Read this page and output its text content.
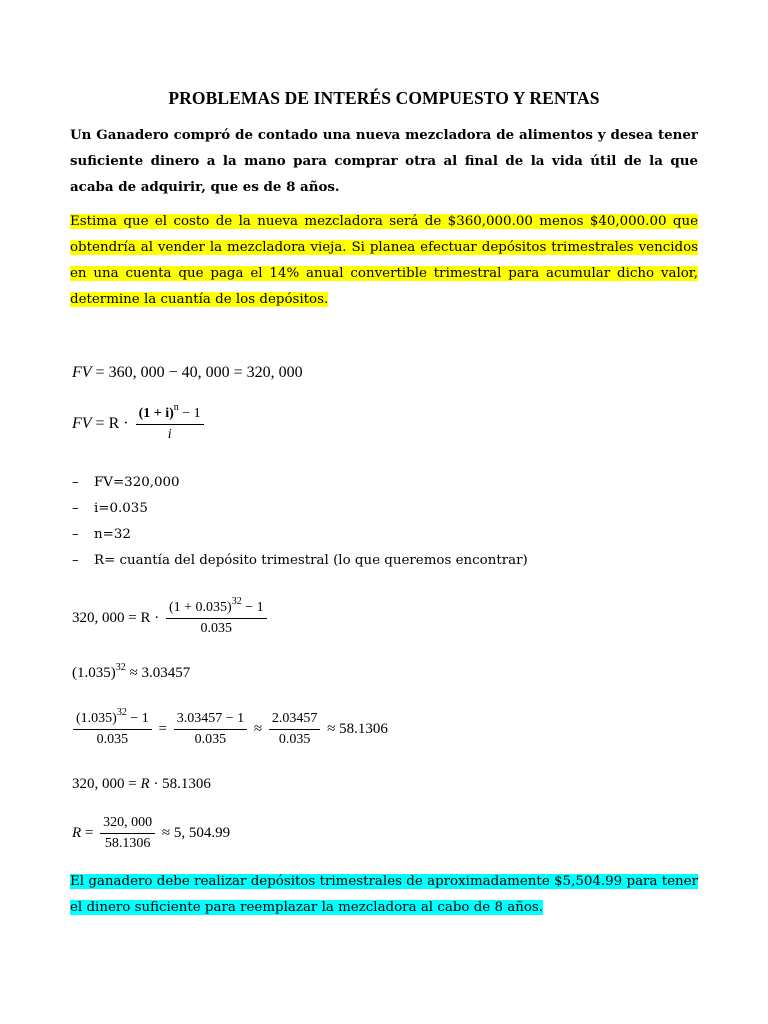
PROBLEMAS DE INTERÉS COMPUESTO Y RENTAS
Un Ganadero compró de contado una nueva mezcladora de alimentos y desea tener suficiente dinero a la mano para comprar otra al final de la vida útil de la que acaba de adquirir, que es de 8 años.
Estima que el costo de la nueva mezcladora será de $360,000.00 menos $40,000.00 que obtendría al vender la mezcladora vieja. Si planea efectuar depósitos trimestrales vencidos en una cuenta que paga el 14% anual convertible trimestral para acumular dicho valor, determine la cuantía de los depósitos.
FV = 360, 000 − 40, 000 = 320, 000
FV = $R \cdot \frac{(1 + i)^n - 1}{i}$
– FV=320,000
– i=0.035
– n=32
– R= cuantía del depósito trimestral (lo que queremos encontrar)
320, $000 = R \cdot \frac{(1 + 0.035)^{32} - 1}{0.035}$
$(1.035)^{32} \approx 3.03457$
$\frac{(1.035)^{32} - 1}{0.035} = \frac{3.03457 - 1}{0.035} \approx \frac{2.03457}{0.035} \approx 58.1306$
320, 000 = R · 58.1306
$R = \frac{320, 000}{58.1306} \approx 5$, 504.99
El ganadero debe realizar depósitos trimestrales de aproximadamente $5,504.99 para tener el dinero suficiente para reemplazar la mezcladora al cabo de 8 años.
